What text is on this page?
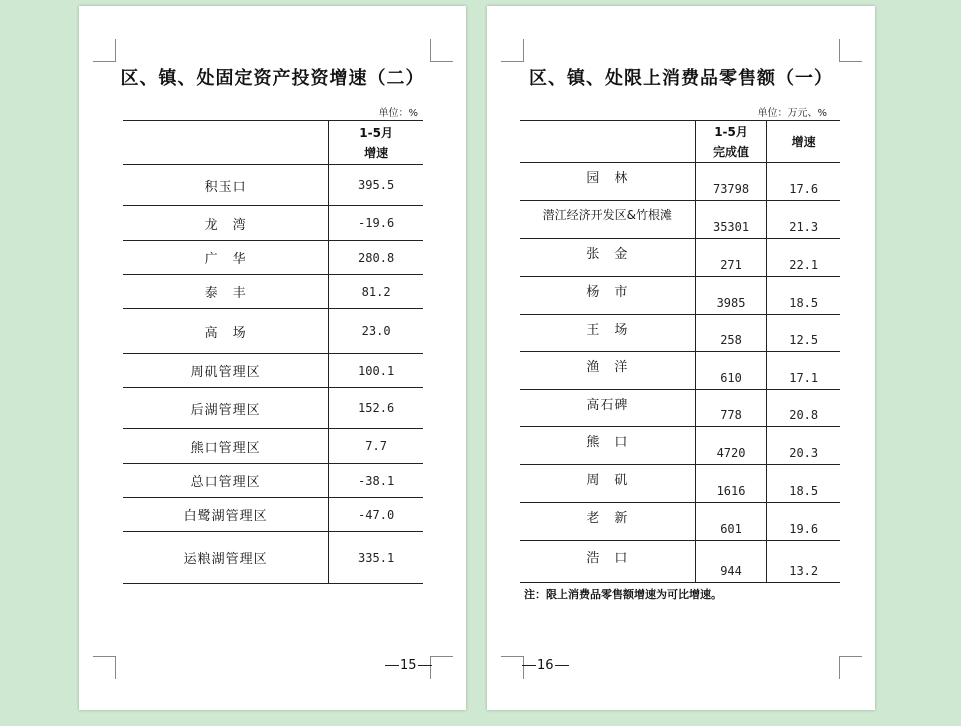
区、镇、处固定资产投资增速（二）
单位：%

	1-5月
增速

积玉口	395.5
龙　湾	-19.6
广　华	280.8
泰　丰	81.2
高　场	23.0
周矶管理区	100.1
后湖管理区	152.6
熊口管理区	7.7
总口管理区	-38.1
白鹭湖管理区	-47.0
运粮湖管理区	335.1
15
区、镇、处限上消费品零售额（一）
单位：万元、%

	1-5月
完成值	增速
园　林	73798	17.6
潜江经济开发区&竹根滩	35301	21.3
张　金	271	22.1
杨　市	3985	18.5
王　场	258	12.5
渔　洋	610	17.1
高石碑	778	20.8
熊　口	4720	20.3
周　矶	1616	18.5
老　新	601	19.6
浩　口	944	13.2
注：限上消费品零售额增速为可比增速。
16
